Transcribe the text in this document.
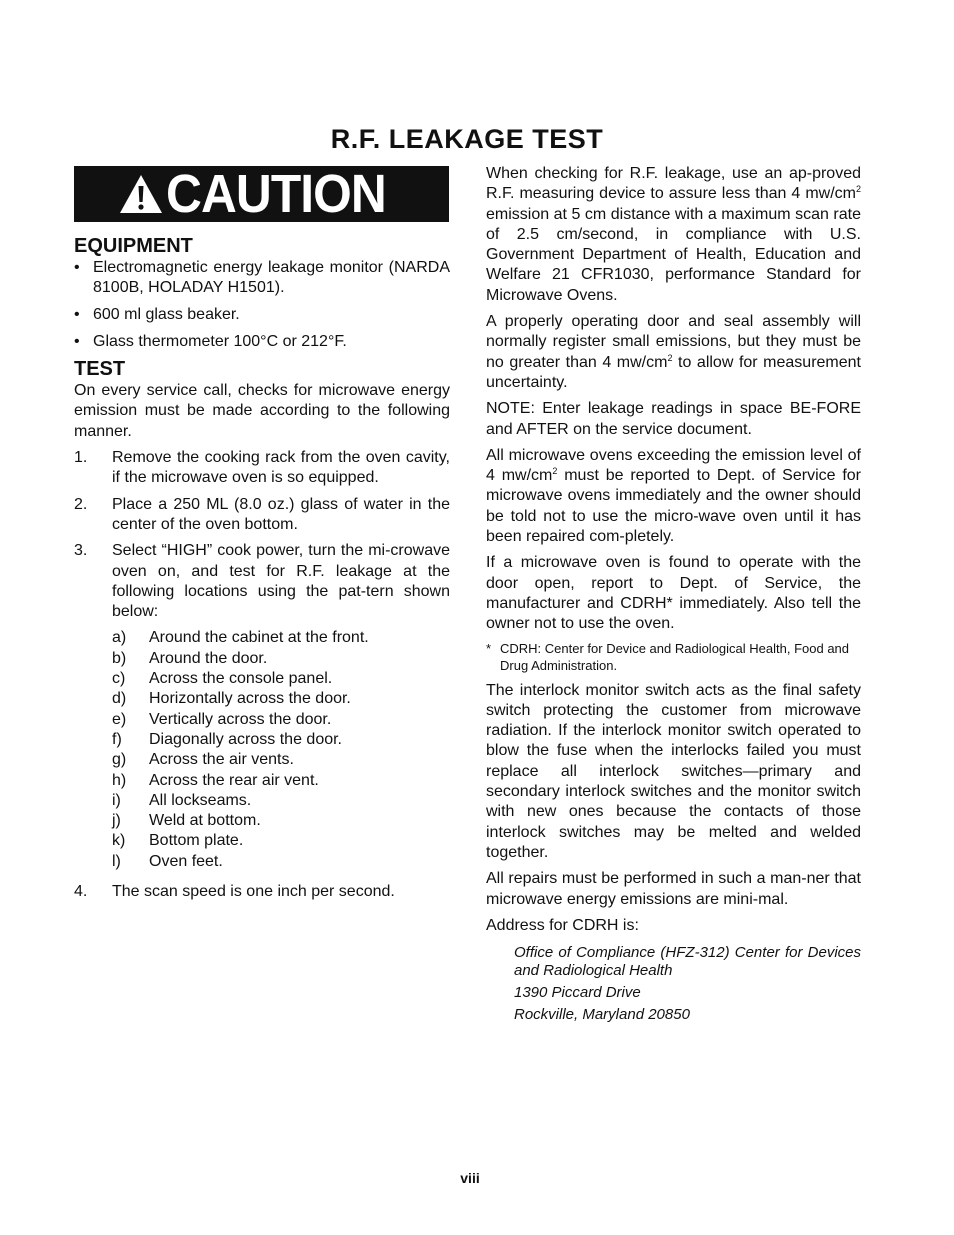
R.F. LEAKAGE TEST
CAUTION
EQUIPMENT
• Electromagnetic energy leakage monitor (NARDA 8100B, HOLADAY H1501).
• 600 ml glass beaker.
• Glass thermometer 100°C or 212°F.
TEST
On every service call, checks for microwave energy emission must be made according to the following manner.
1. Remove the cooking rack from the oven cavity, if the microwave oven is so equipped.
2. Place a 250 ML (8.0 oz.) glass of water in the center of the oven bottom.
3. Select “HIGH” cook power, turn the mi-crowave oven on, and test for R.F. leakage at the following locations using the pat-tern shown below:
a) Around the cabinet at the front.
b) Around the door.
c) Across the console panel.
d) Horizontally across the door.
e) Vertically across the door.
f) Diagonally across the door.
g) Across the air vents.
h) Across the rear air vent.
i) All lockseams.
j) Weld at bottom.
k) Bottom plate.
l) Oven feet.
4. The scan speed is one inch per second.
When checking for R.F. leakage, use an ap-proved R.F. measuring device to assure less than 4 $mw/cm^2$ emission at 5 cm distance with a maximum scan rate of 2.5 cm/second, in compliance with U.S. Government Department of Health, Education and Welfare 21 CFR1030, performance Standard for Microwave Ovens.
A properly operating door and seal assembly will normally register small emissions, but they must be no greater than 4 $mw/cm^2$ to allow for measurement uncertainty.
NOTE: Enter leakage readings in space BE-FORE and AFTER on the service document.
All microwave ovens exceeding the emission level of 4 $mw/cm^2$ must be reported to Dept. of Service for microwave ovens immediately and the owner should be told not to use the micro-wave oven until it has been repaired com-pletely.
If a microwave oven is found to operate with the door open, report to Dept. of Service, the manufacturer and CDRH* immediately. Also tell the owner not to use the oven.
* CDRH: Center for Device and Radiological Health, Food and Drug Administration.
The interlock monitor switch acts as the final safety switch protecting the customer from microwave radiation. If the interlock monitor switch operated to blow the fuse when the interlocks failed you must replace all interlock switches—primary and secondary interlock switches and the monitor switch with new ones because the contacts of those interlock switches may be melted and welded together.
All repairs must be performed in such a man-ner that microwave energy emissions are mini-mal.
Address for CDRH is:
Office of Compliance (HFZ-312) Center for Devices and Radiological Health
1390 Piccard Drive
Rockville, Maryland 20850
viii
